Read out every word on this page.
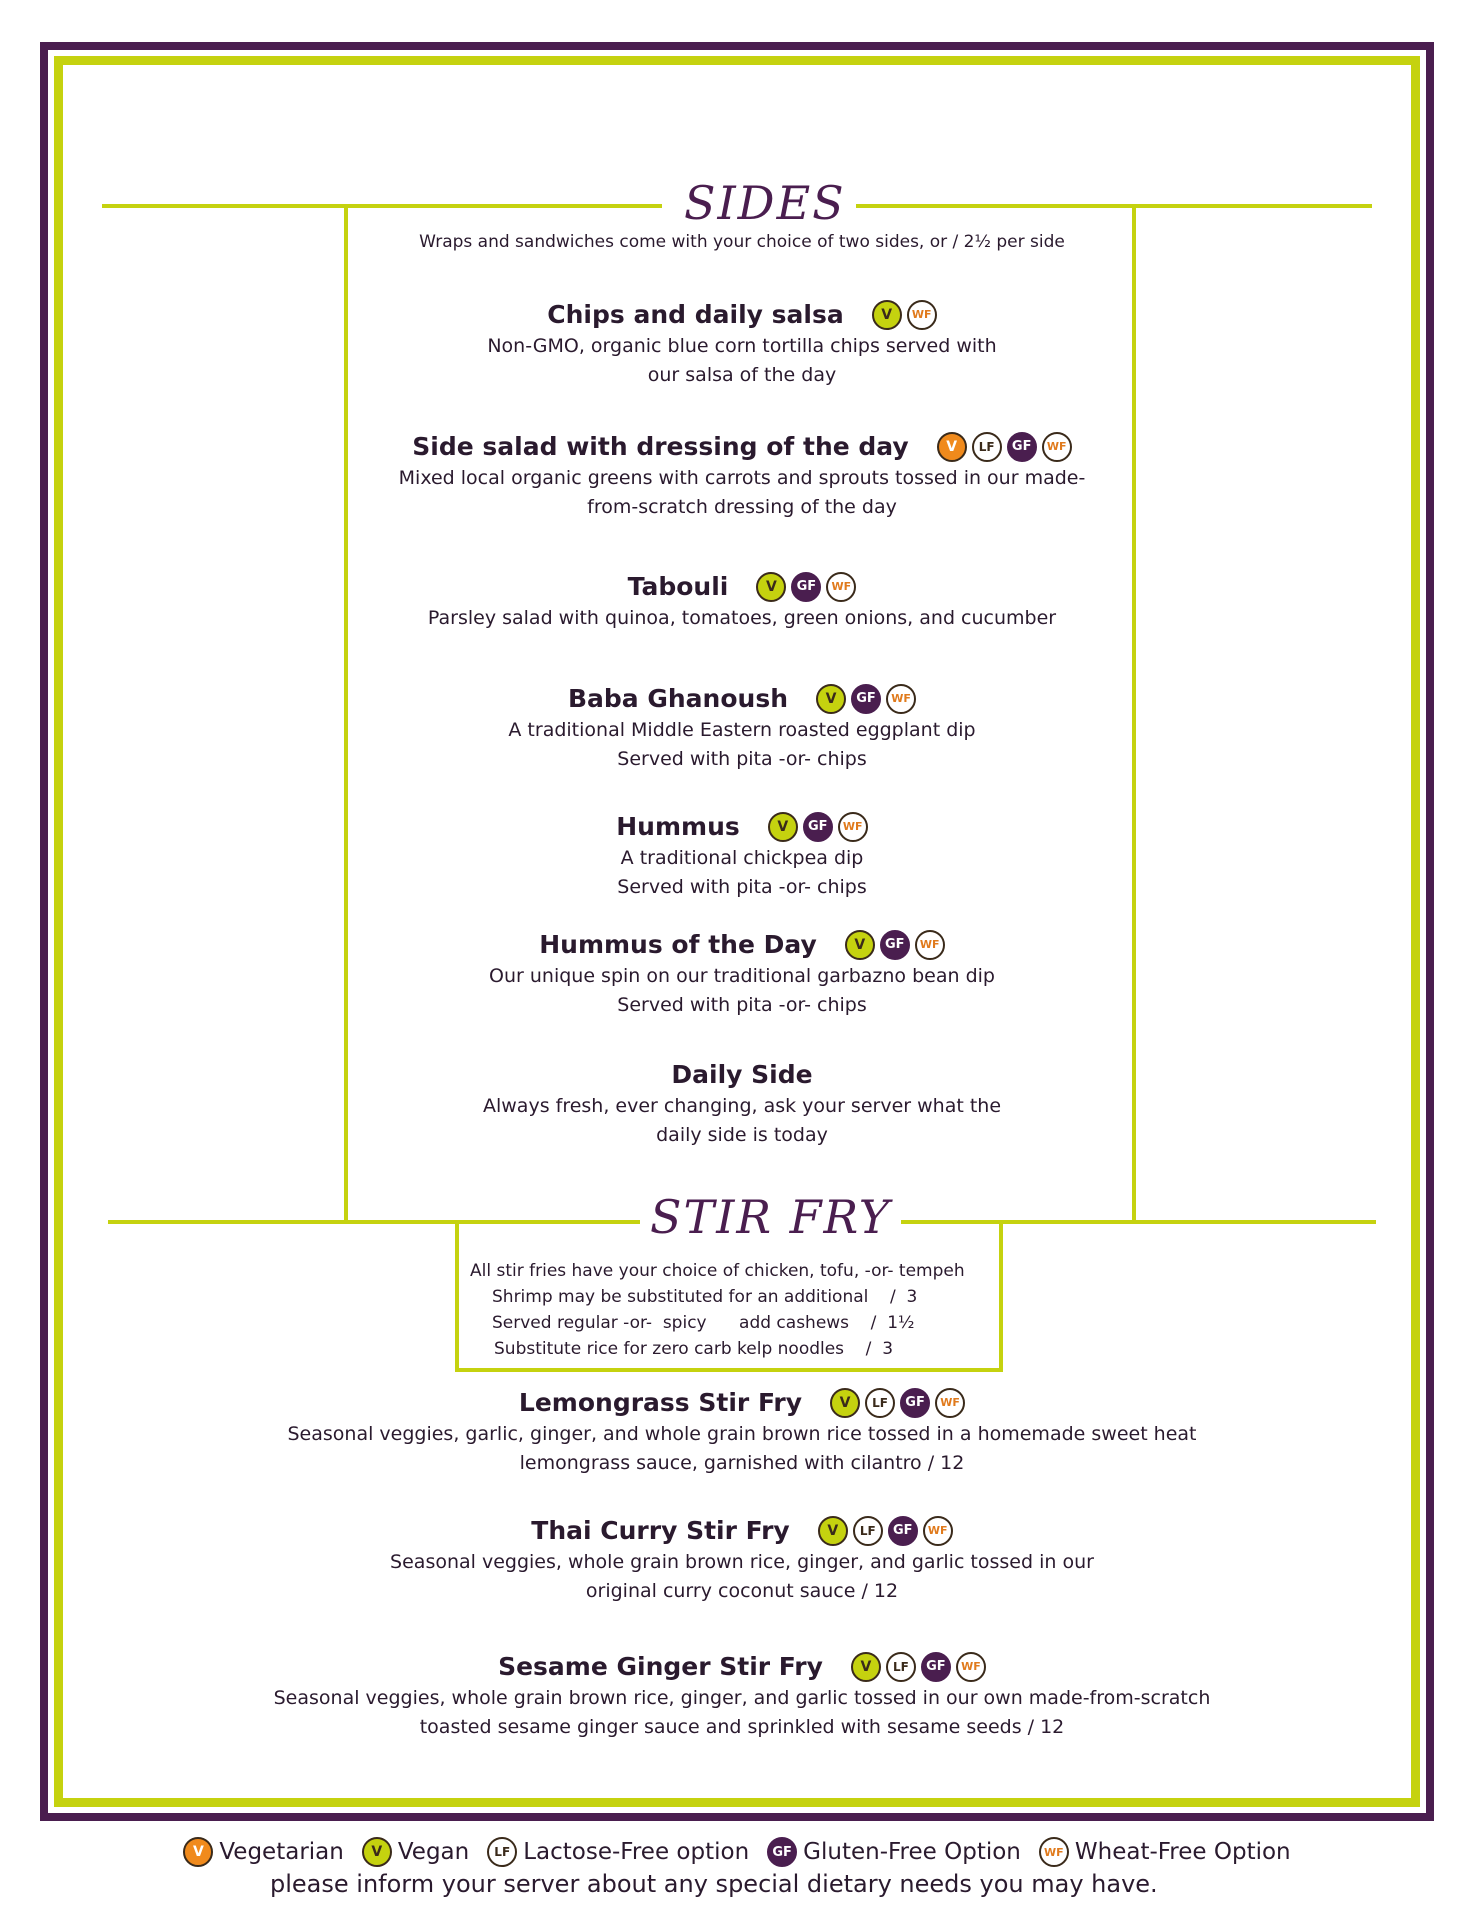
SIDES
Wraps and sandwiches come with your choice of two sides, or / 2½ per side
Chips and daily salsa	V	WF
Non-GMO, organic blue corn tortilla chips served with
our salsa of the day
Side salad with dressing of the day	V	LF	GF	WF
Mixed local organic greens with carrots and sprouts tossed in our made-
from-scratch dressing of the day
Tabouli	V	GF	WF
Parsley salad with quinoa, tomatoes, green onions, and cucumber
Baba Ghanoush	V	GF	WF
A traditional Middle Eastern roasted eggplant dip
Served with pita -or- chips
Hummus	V	GF	WF
A traditional chickpea dip
Served with pita -or- chips
Hummus of the Day	V	GF	WF
Our unique spin on our traditional garbazno bean dip
Served with pita -or- chips
Daily Side
Always fresh, ever changing, ask your server what the
daily side is today
STIR FRY
All stir fries have your choice of chicken, tofu, -or- tempeh
Shrimp may be substituted for an additional    /  3
Served regular -or-  spicy      add cashews    /  1½
Substitute rice for zero carb kelp noodles    /  3
Lemongrass Stir Fry	V	LF	GF	WF
Seasonal veggies, garlic, ginger, and whole grain brown rice tossed in a homemade sweet heat
lemongrass sauce, garnished with cilantro / 12
Thai Curry Stir Fry	V	LF	GF	WF
Seasonal veggies, whole grain brown rice, ginger, and garlic tossed in our
original curry coconut sauce / 12
Sesame Ginger Stir Fry	V	LF	GF	WF
Seasonal veggies, whole grain brown rice, ginger, and garlic tossed in our own made-from-scratch
toasted sesame ginger sauce and sprinkled with sesame seeds / 12
V Vegetarian	V Vegan	LF Lactose-Free option	GF Gluten-Free Option	WF Wheat-Free Option
please inform your server about any special dietary needs you may have.
